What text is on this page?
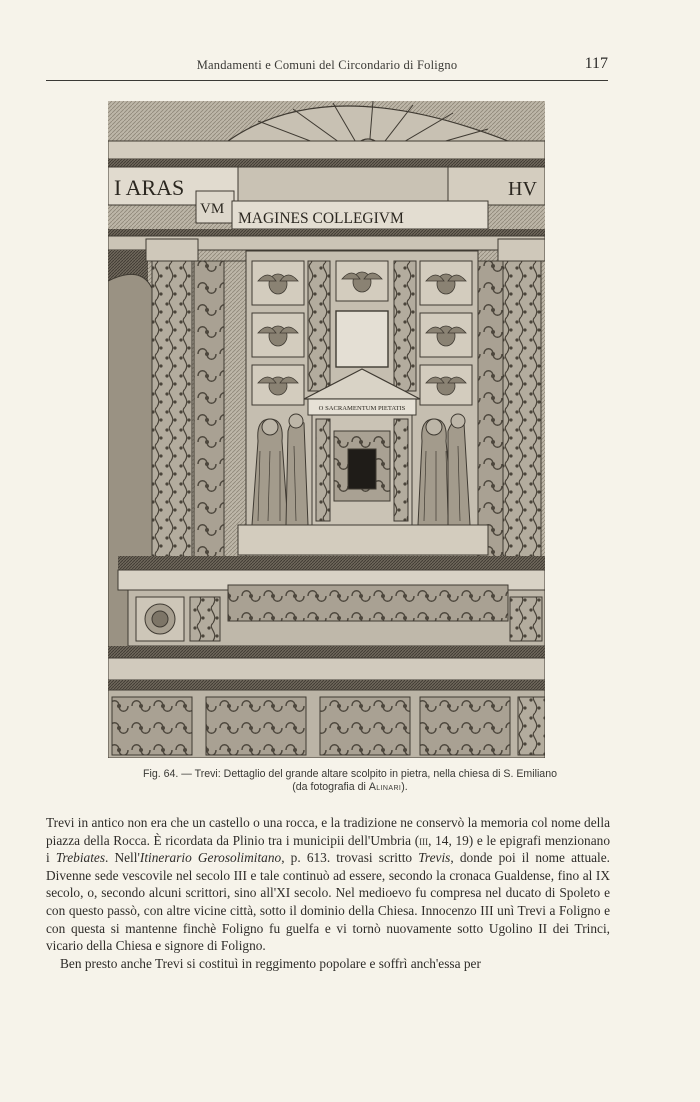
Mandamenti e Comuni del Circondario di Foligno	117
I ARAS	HV
VM
MAGINES COLLEGIVM
O SACRAMENTUM PIETATIS
Fig. 64. — Trevi: Dettaglio del grande altare scolpito in pietra, nella chiesa di S. Emiliano
(da fotografia di Alinari).

Trevi in antico non era che un castello o una rocca, e la tradizione ne conservò la memoria col nome della piazza della Rocca. È ricordata da Plinio tra i municipii dell'Umbria (iii, 14, 19) e le epigrafi menzionano i Trebiates. Nell'Itinerario Gerosolimitano, p. 613. trovasi scritto Trevis, donde poi il nome attuale. Divenne sede vescovile nel secolo III e tale continuò ad essere, secondo la cronaca Gualdense, fino al IX secolo, o, secondo alcuni scrittori, sino all'XI secolo. Nel medioevo fu compresa nel ducato di Spoleto e con questo passò, con altre vicine città, sotto il dominio della Chiesa. Innocenzo III unì Trevi a Foligno e con questa si mantenne finchè Foligno fu guelfa e vi tornò nuovamente sotto Ugolino II dei Trinci, vicario della Chiesa e signore di Foligno.

Ben presto anche Trevi si costituì in reggimento popolare e soffrì anch'essa per
